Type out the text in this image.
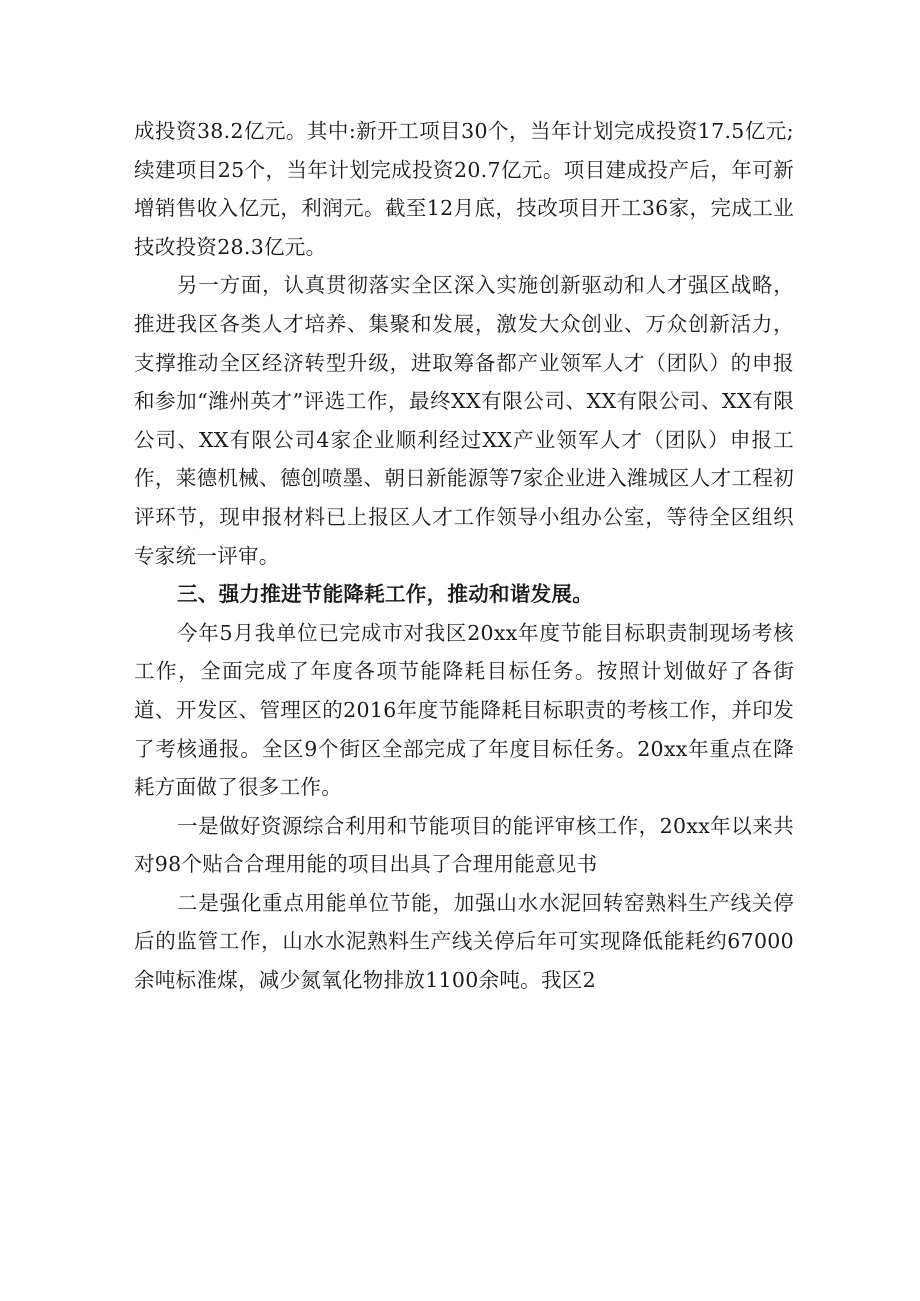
成投资38.2亿元。其中:新开工项目30个，当年计划完成投资17.5亿元;续建项目25个，当年计划完成投资20.7亿元。项目建成投产后，年可新增销售收入亿元，利润元。截至12月底，技改项目开工36家，完成工业技改投资28.3亿元。

另一方面，认真贯彻落实全区深入实施创新驱动和人才强区战略，推进我区各类人才培养、集聚和发展，激发大众创业、万众创新活力，支撑推动全区经济转型升级，进取筹备都产业领军人才（团队）的申报和参加“潍州英才”评选工作，最终XX有限公司、XX有限公司、XX有限公司、XX有限公司4家企业顺利经过XX产业领军人才（团队）申报工作，莱德机械、德创喷墨、朝日新能源等7家企业进入潍城区人才工程初评环节，现申报材料已上报区人才工作领导小组办公室，等待全区组织专家统一评审。

三、强力推进节能降耗工作，推动和谐发展。

今年5月我单位已完成市对我区20xx年度节能目标职责制现场考核工作，全面完成了年度各项节能降耗目标任务。按照计划做好了各街道、开发区、管理区的2016年度节能降耗目标职责的考核工作，并印发了考核通报。全区9个街区全部完成了年度目标任务。20xx年重点在降耗方面做了很多工作。

一是做好资源综合利用和节能项目的能评审核工作，20xx年以来共对98个贴合合理用能的项目出具了合理用能意见书

二是强化重点用能单位节能，加强山水水泥回转窑熟料生产线关停后的监管工作，山水水泥熟料生产线关停后年可实现降低能耗约67000余吨标准煤，减少氮氧化物排放1100余吨。我区2
